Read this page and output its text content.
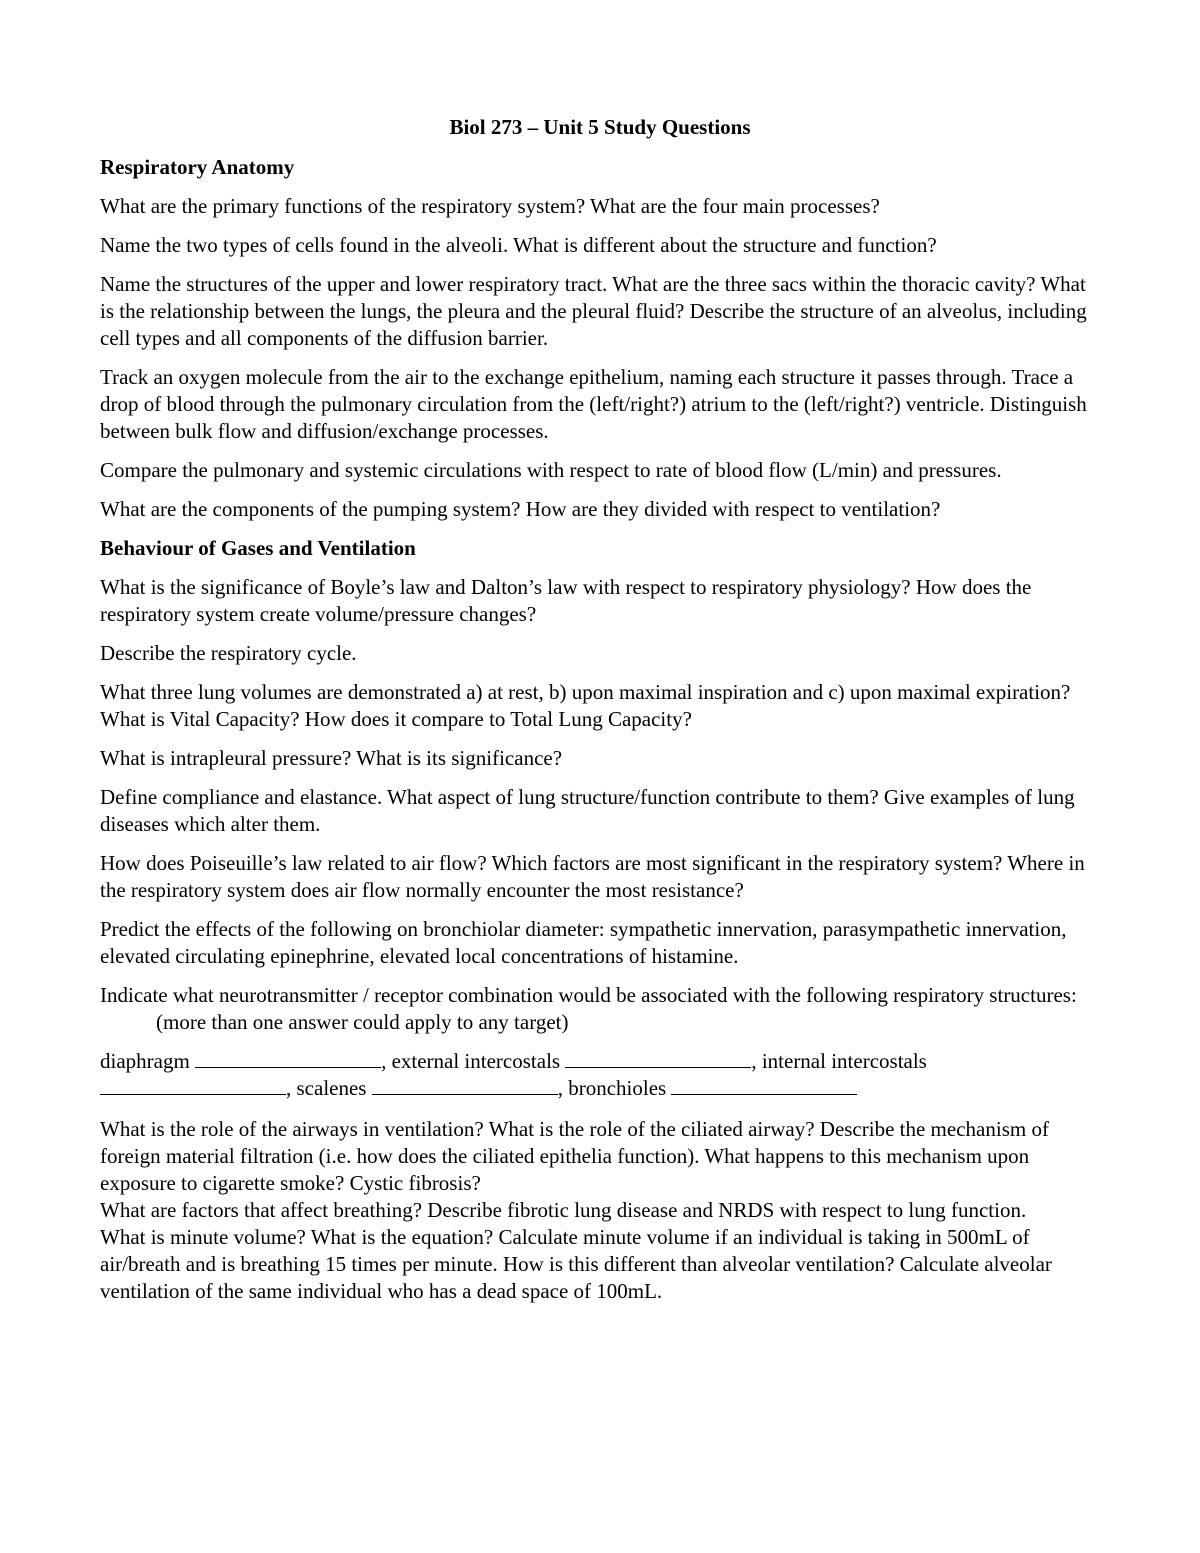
Biol 273 – Unit 5 Study Questions
Respiratory Anatomy
What are the primary functions of the respiratory system? What are the four main processes?
Name the two types of cells found in the alveoli. What is different about the structure and function?
Name the structures of the upper and lower respiratory tract. What are the three sacs within the thoracic cavity? What is the relationship between the lungs, the pleura and the pleural fluid? Describe the structure of an alveolus, including cell types and all components of the diffusion barrier.
Track an oxygen molecule from the air to the exchange epithelium, naming each structure it passes through. Trace a drop of blood through the pulmonary circulation from the (left/right?) atrium to the (left/right?) ventricle. Distinguish between bulk flow and diffusion/exchange processes.
Compare the pulmonary and systemic circulations with respect to rate of blood flow (L/min) and pressures.
What are the components of the pumping system? How are they divided with respect to ventilation?
Behaviour of Gases and Ventilation
What is the significance of Boyle’s law and Dalton’s law with respect to respiratory physiology? How does the respiratory system create volume/pressure changes?
Describe the respiratory cycle.
What three lung volumes are demonstrated a) at rest, b) upon maximal inspiration and c) upon maximal expiration? What is Vital Capacity? How does it compare to Total Lung Capacity?
What is intrapleural pressure? What is its significance?
Define compliance and elastance. What aspect of lung structure/function contribute to them? Give examples of lung diseases which alter them.
How does Poiseuille’s law related to air flow? Which factors are most significant in the respiratory system? Where in the respiratory system does air flow normally encounter the most resistance?
Predict the effects of the following on bronchiolar diameter: sympathetic innervation, parasympathetic innervation, elevated circulating epinephrine, elevated local concentrations of histamine.
Indicate what neurotransmitter / receptor combination would be associated with the following respiratory structures:(more than one answer could apply to any target)
diaphragm	, external intercostals	, internal intercostals
, scalenes	, bronchioles
What is the role of the airways in ventilation? What is the role of the ciliated airway? Describe the mechanism of foreign material filtration (i.e. how does the ciliated epithelia function). What happens to this mechanism upon exposure to cigarette smoke? Cystic fibrosis?
What are factors that affect breathing? Describe fibrotic lung disease and NRDS with respect to lung function.
What is minute volume? What is the equation? Calculate minute volume if an individual is taking in 500mL of air/breath and is breathing 15 times per minute. How is this different than alveolar ventilation? Calculate alveolar ventilation of the same individual who has a dead space of 100mL.
